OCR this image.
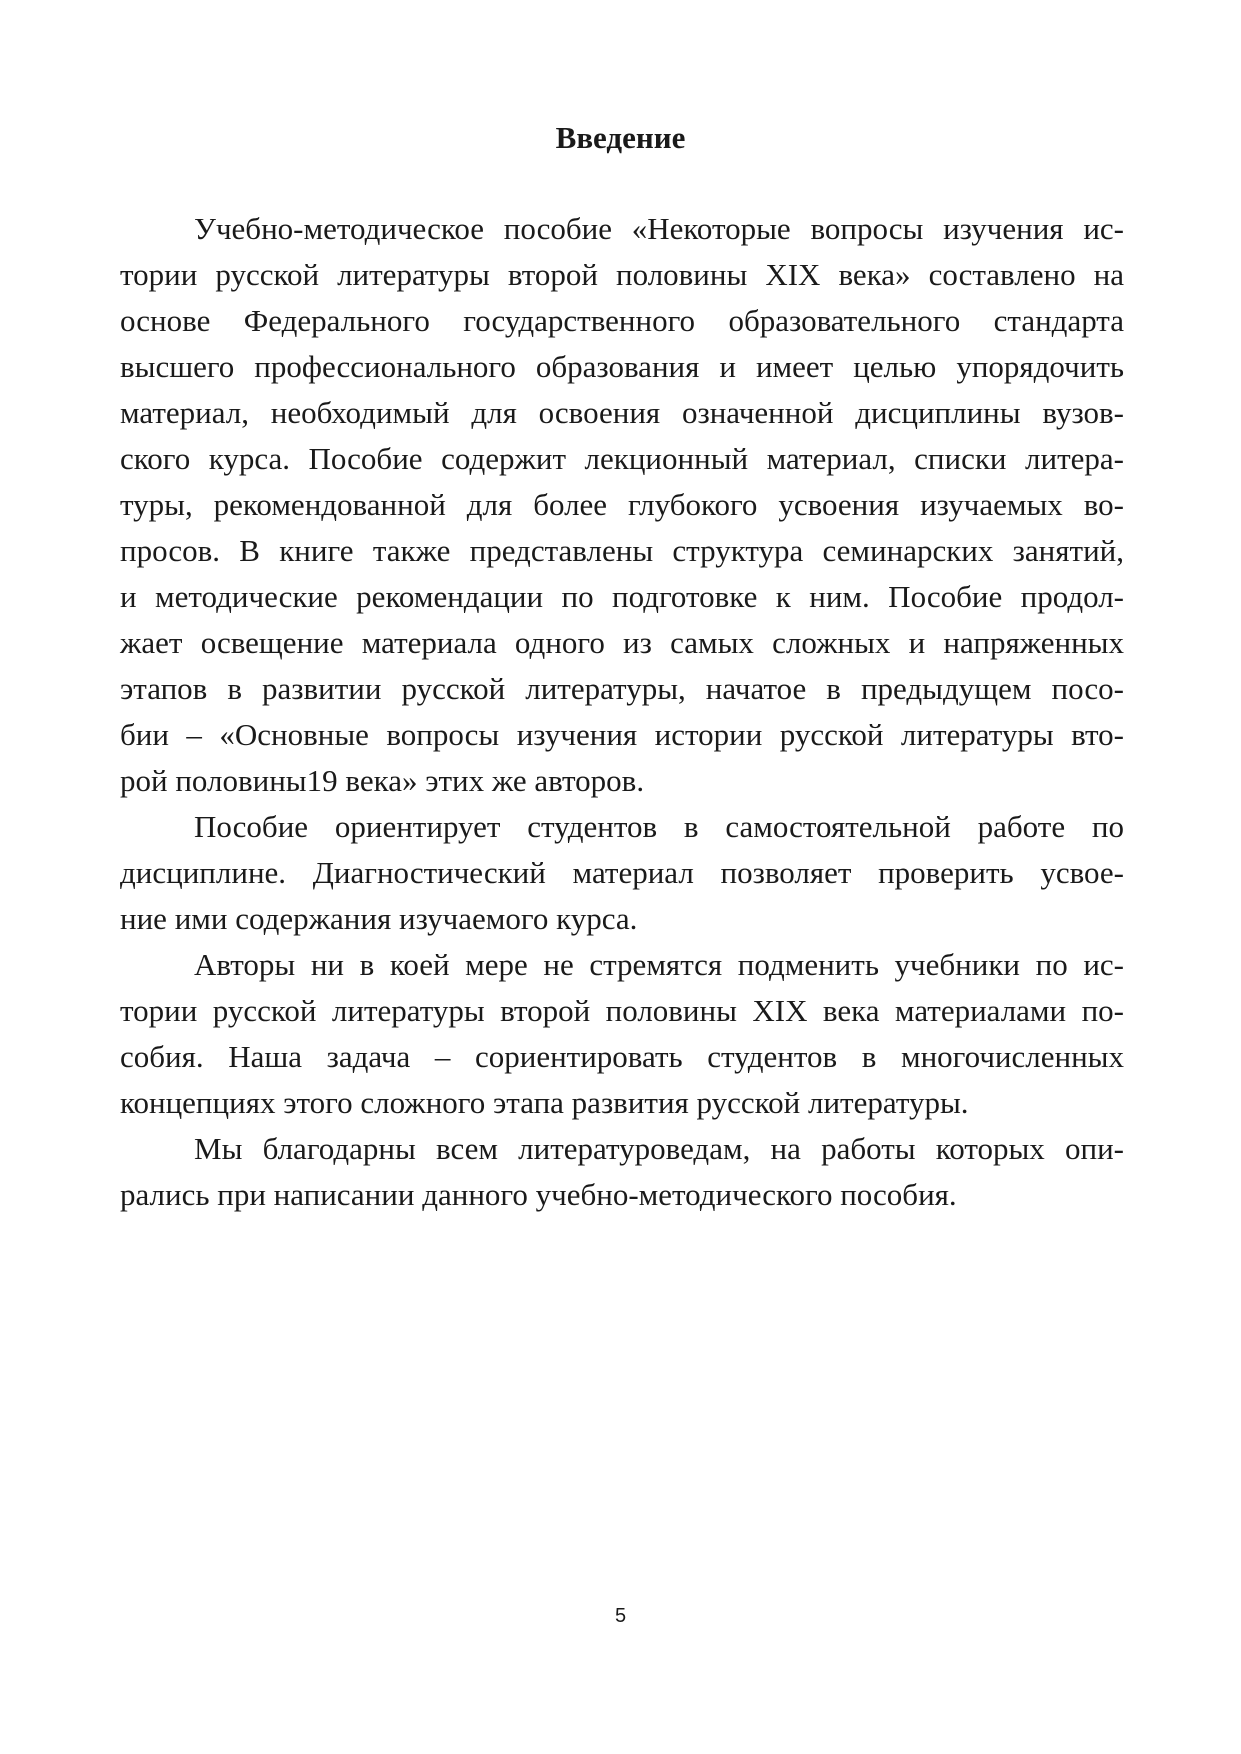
Введение

Учебно-методическое пособие «Некоторые вопросы изучения ис-
тории русской литературы второй половины XIX века» составлено на
основе Федерального государственного образовательного стандарта
высшего профессионального образования и имеет целью упорядочить
материал, необходимый для освоения означенной дисциплины вузов-
ского курса. Пособие содержит лекционный материал, списки литера-
туры, рекомендованной для более глубокого усвоения изучаемых во-
просов. В книге также представлены структура семинарских занятий,
и методические рекомендации по подготовке к ним. Пособие продол-
жает освещение материала одного из самых сложных и напряженных
этапов в развитии русской литературы, начатое в предыдущем посо-
бии – «Основные вопросы изучения истории русской литературы вто-
рой половины19 века» этих же авторов.

Пособие ориентирует студентов в самостоятельной работе по
дисциплине. Диагностический материал позволяет проверить усвое-
ние ими содержания изучаемого курса.

Авторы ни в коей мере не стремятся подменить учебники по ис-
тории русской литературы второй половины XIX века материалами по-
собия. Наша задача – сориентировать студентов в многочисленных
концепциях этого сложного этапа развития русской литературы.

Мы благодарны всем литературоведам, на работы которых опи-
рались при написании данного учебно-методического пособия.

5
